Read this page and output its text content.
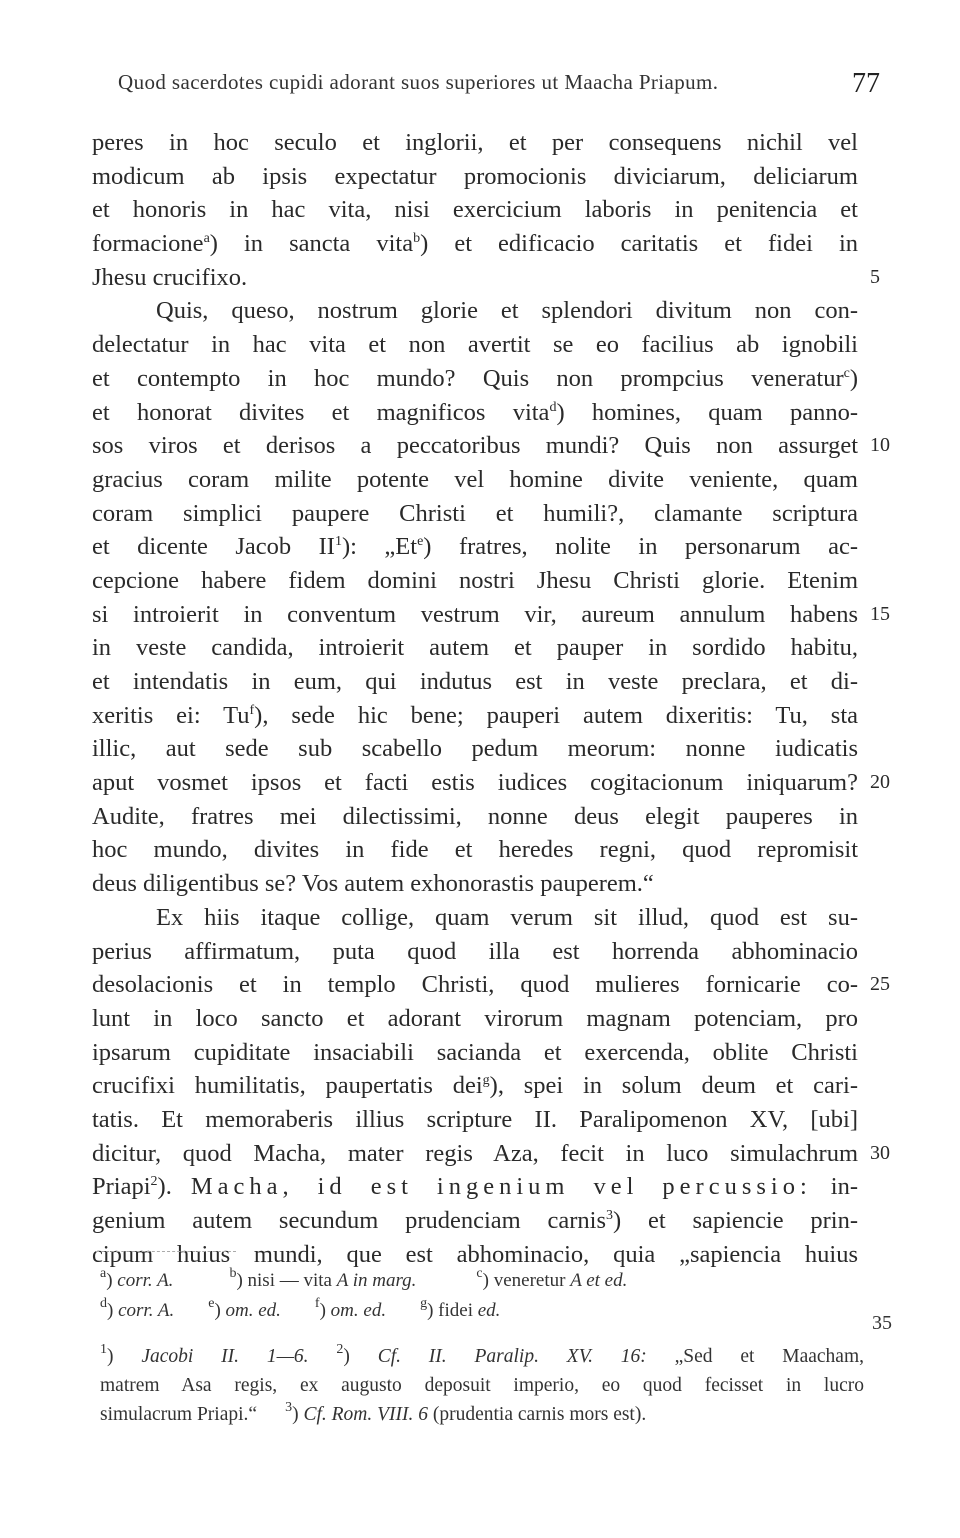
Quod sacerdotes cupidi adorant suos superiores ut Maacha Priapum.	77
peres in hoc seculo et inglorii, et per consequens nichil vel
modicum ab ipsis expectatur promocionis diviciarum, deliciarum
et honoris in hac vita, nisi exercicium laboris in penitencia et
formacione$^a$) in sancta vita$^b$) et edificacio caritatis et fidei in
Jhesu crucifixo.	5
Quis, queso, nostrum glorie et splendori divitum non con-
delectatur in hac vita et non avertit se eo facilius ab ignobili
et contempto in hoc mundo? Quis non prompcius veneratur$^c$)
et honorat divites et magnificos vita$^d$) homines, quam panno-
sos viros et derisos a peccatoribus mundi? Quis non assurget 10
gracius coram milite potente vel homine divite veniente, quam
coram simplici paupere Christi et humili?, clamante scriptura
et dicente Jacob $II^1$): „Et$^e$) fratres, nolite in personarum ac-
cepcione habere fidem domini nostri Jhesu Christi glorie. Etenim
si introierit in conventum vestrum vir, aureum annulum habens 15
in veste candida, introierit autem et pauper in sordido habitu,
et intendatis in eum, qui indutus est in veste preclara, et di-
xeritis ei: Tu$^f$), sede hic bene; pauperi autem dixeritis: Tu, sta
illic, aut sede sub scabello pedum meorum: nonne iudicatis
aput vosmet ipsos et facti estis iudices cogitacionum iniquarum? 20
Audite, fratres mei dilectissimi, nonne deus elegit pauperes in
hoc mundo, divites in fide et heredes regni, quod repromisit
deus diligentibus se? Vos autem exhonorastis pauperem.“
Ex hiis itaque collige, quam verum sit illud, quod est su-
perius affirmatum, puta quod illa est horrenda abhominacio
desolacionis et in templo Christi, quod mulieres fornicarie co- 25
lunt in loco sancto et adorant virorum magnam potenciam, pro
ipsarum cupiditate insaciabili sacianda et exercenda, oblite Christi
crucifixi humilitatis, paupertatis dei$^g$), spei in solum deum et cari-
tatis. Et memoraberis illius scripture II. Paralipomenon XV, [ubi]
dicitur, quod Macha, mater regis Aza, fecit in luco simulachrum 30
Priapi$^2$). Macha, id est ingenium vel percussio: in-
genium autem secundum prudenciam carnis$^3$) et sapiencie prin-
cipum huius mundi, que est abhominacio, quia „sapiencia huius
$^a$) corr. A.	$^b$) nisi — vita A in marg.	$^c$) veneretur A et ed.
$^d$) corr. A. $^e$) om. ed. $^f$) om. ed. $^g$) fidei ed.
35
$^1$) Jacobi II. 1—6. $^2$) Cf. II. Paralip. XV. 16: „Sed et Maacham,
matrem Asa regis, ex augusto deposuit imperio, eo quod fecisset in lucro
simulacrum Priapi.“ $^3$) Cf. Rom. VIII. 6 (prudentia carnis mors est).
